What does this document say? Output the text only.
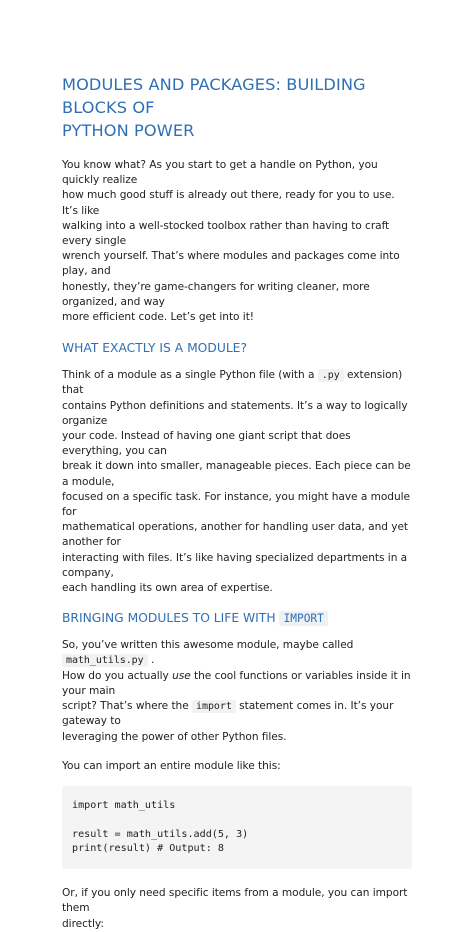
MODULES AND PACKAGES: BUILDING BLOCKS OF
PYTHON POWER

You know what? As you start to get a handle on Python, you quickly realize
how much good stuff is already out there, ready for you to use. It’s like
walking into a well-stocked toolbox rather than having to craft every single
wrench yourself. That’s where modules and packages come into play, and
honestly, they’re game-changers for writing cleaner, more organized, and way
more efficient code. Let’s get into it!

WHAT EXACTLY IS A MODULE?

Think of a module as a single Python file (with a .py extension) that
contains Python definitions and statements. It’s a way to logically organize
your code. Instead of having one giant script that does everything, you can
break it down into smaller, manageable pieces. Each piece can be a module,
focused on a specific task. For instance, you might have a module for
mathematical operations, another for handling user data, and yet another for
interacting with files. It’s like having specialized departments in a company,
each handling its own area of expertise.

BRINGING MODULES TO LIFE WITH IMPORT

So, you’ve written this awesome module, maybe called math_utils.py .
How do you actually use the cool functions or variables inside it in your main
script? That’s where the import statement comes in. It’s your gateway to
leveraging the power of other Python files.

You can import an entire module like this:

import math_utils
result = math_utils.add(5, 3)
print(result) # Output: 8

Or, if you only need specific items from a module, you can import them
directly:
